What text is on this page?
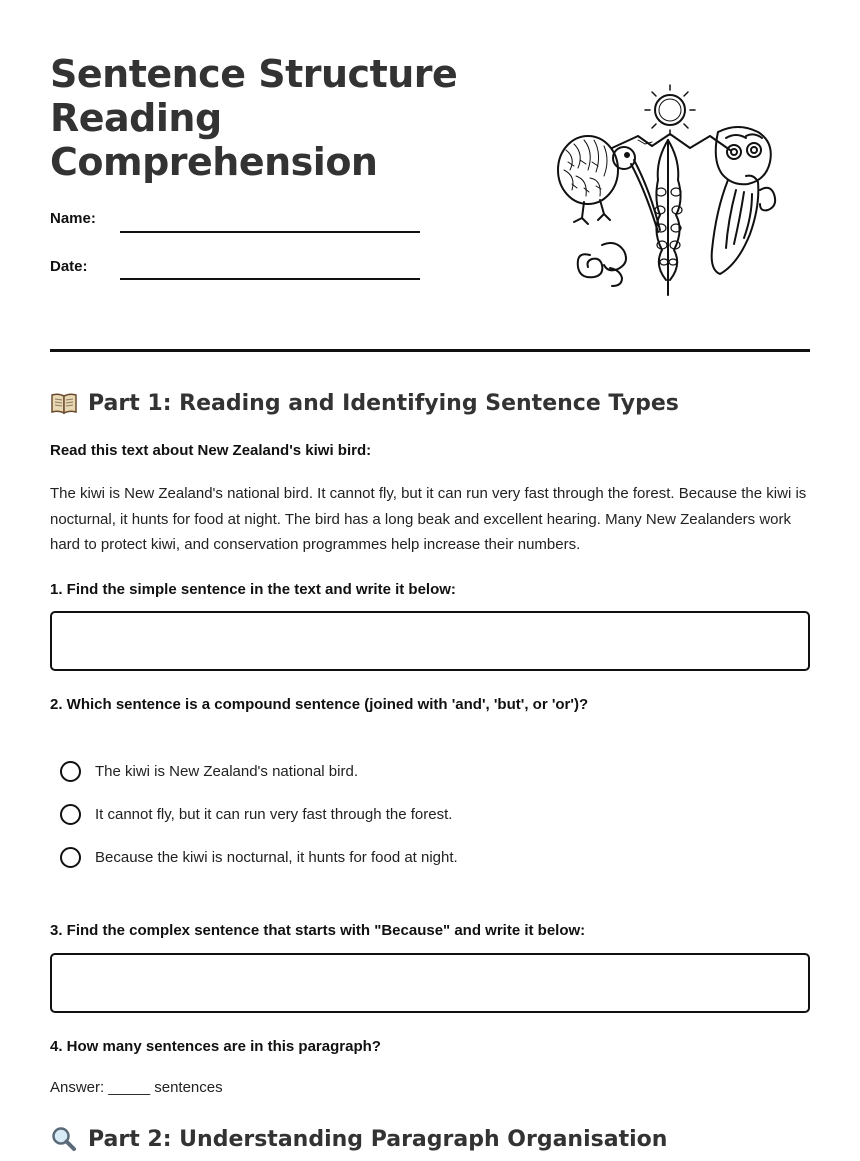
Sentence Structure Reading Comprehension
Name:
Date:
Part 1: Reading and Identifying Sentence Types
Read this text about New Zealand's kiwi bird:

The kiwi is New Zealand's national bird. It cannot fly, but it can run very fast through the forest. Because the kiwi is nocturnal, it hunts for food at night. The bird has a long beak and excellent hearing. Many New Zealanders work hard to protect kiwi, and conservation programmes help increase their numbers.

1. Find the simple sentence in the text and write it below:
2. Which sentence is a compound sentence (joined with 'and', 'but', or 'or')?
The kiwi is New Zealand's national bird.
It cannot fly, but it can run very fast through the forest.
Because the kiwi is nocturnal, it hunts for food at night.
3. Find the complex sentence that starts with "Because" and write it below:
4. How many sentences are in this paragraph?
Answer: _____ sentences
Part 2: Understanding Paragraph Organisation
